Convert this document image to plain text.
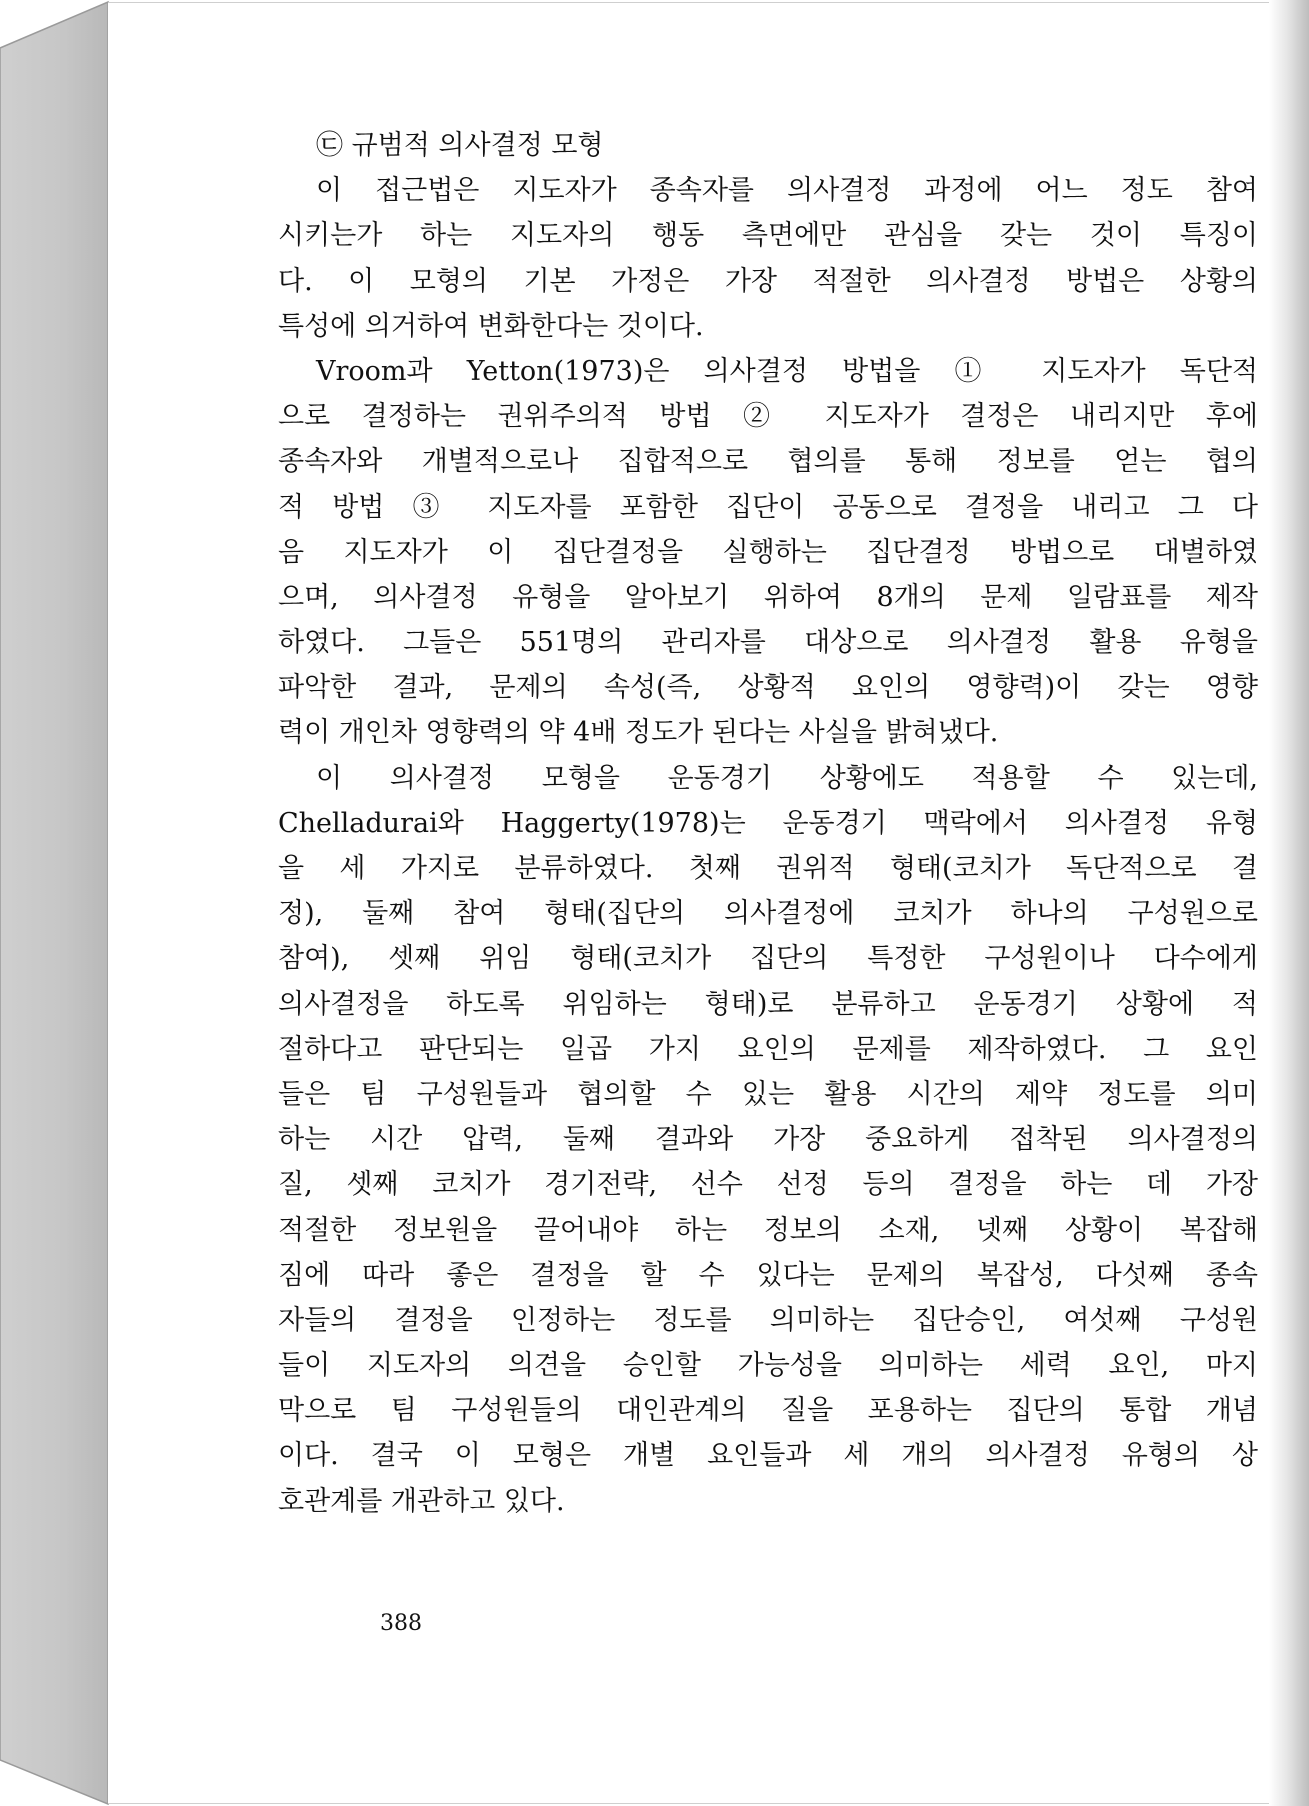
㉢ 규범적 의사결정 모형
이 접근법은 지도자가 종속자를 의사결정 과정에 어느 정도 참여
시키는가 하는 지도자의 행동 측면에만 관심을 갖는 것이 특징이
다. 이 모형의 기본 가정은 가장 적절한 의사결정 방법은 상황의
특성에 의거하여 변화한다는 것이다.
Vroom과 Yetton(1973)은 의사결정 방법을 ① 지도자가 독단적
으로 결정하는 권위주의적 방법 ② 지도자가 결정은 내리지만 후에
종속자와 개별적으로나 집합적으로 협의를 통해 정보를 얻는 협의
적 방법 ③ 지도자를 포함한 집단이 공동으로 결정을 내리고 그 다
음 지도자가 이 집단결정을 실행하는 집단결정 방법으로 대별하였
으며, 의사결정 유형을 알아보기 위하여 8개의 문제 일람표를 제작
하였다. 그들은 551명의 관리자를 대상으로 의사결정 활용 유형을
파악한 결과, 문제의 속성(즉, 상황적 요인의 영향력)이 갖는 영향
력이 개인차 영향력의 약 4배 정도가 된다는 사실을 밝혀냈다.
이 의사결정 모형을 운동경기 상황에도 적용할 수 있는데,
Chelladurai와 Haggerty(1978)는 운동경기 맥락에서 의사결정 유형
을 세 가지로 분류하였다. 첫째 권위적 형태(코치가 독단적으로 결
정), 둘째 참여 형태(집단의 의사결정에 코치가 하나의 구성원으로
참여), 셋째 위임 형태(코치가 집단의 특정한 구성원이나 다수에게
의사결정을 하도록 위임하는 형태)로 분류하고 운동경기 상황에 적
절하다고 판단되는 일곱 가지 요인의 문제를 제작하였다. 그 요인
들은 팀 구성원들과 협의할 수 있는 활용 시간의 제약 정도를 의미
하는 시간 압력, 둘째 결과와 가장 중요하게 접착된 의사결정의
질, 셋째 코치가 경기전략, 선수 선정 등의 결정을 하는 데 가장
적절한 정보원을 끌어내야 하는 정보의 소재, 넷째 상황이 복잡해
짐에 따라 좋은 결정을 할 수 있다는 문제의 복잡성, 다섯째 종속
자들의 결정을 인정하는 정도를 의미하는 집단승인, 여섯째 구성원
들이 지도자의 의견을 승인할 가능성을 의미하는 세력 요인, 마지
막으로 팀 구성원들의 대인관계의 질을 포용하는 집단의 통합 개념
이다. 결국 이 모형은 개별 요인들과 세 개의 의사결정 유형의 상
호관계를 개관하고 있다.
388
